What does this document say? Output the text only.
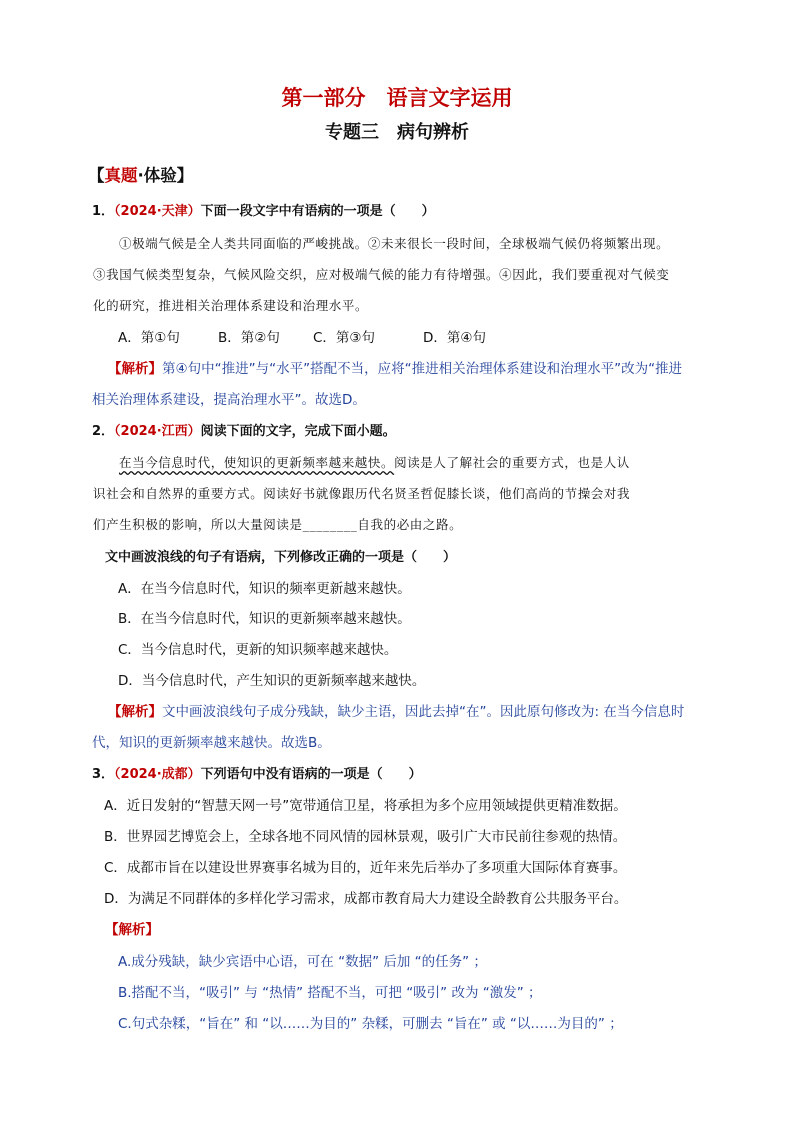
第一部分　语言文字运用
专题三　病句辨析
【真题·体验】
1．（2024·天津）下面一段文字中有语病的一项是（　　）
①极端气候是全人类共同面临的严峻挑战。②未来很长一段时间，全球极端气候仍将频繁出现。
③我国气候类型复杂，气候风险交织，应对极端气候的能力有待增强。④因此，我们要重视对气候变
化的研究，推进相关治理体系建设和治理水平。
A．第①句	B．第②句 C．第③句	D．第④句
【解析】第④句中“推进”与“水平”搭配不当，应将“推进相关治理体系建设和治理水平”改为“推进
相关治理体系建设，提高治理水平”。故选D。
2．（2024·江西）阅读下面的文字，完成下面小题。
在当今信息时代，使知识的更新频率越来越快。阅读是人了解社会的重要方式，也是人认
识社会和自然界的重要方式。阅读好书就像跟历代名贤圣哲促膝长谈，他们高尚的节操会对我
们产生积极的影响，所以大量阅读是________自我的必由之路。
文中画波浪线的句子有语病，下列修改正确的一项是（　　）
A．在当今信息时代，知识的频率更新越来越快。
B．在当今信息时代，知识的更新频率越来越快。
C．当今信息时代，更新的知识频率越来越快。
D．当今信息时代，产生知识的更新频率越来越快。
【解析】文中画波浪线句子成分残缺，缺少主语，因此去掉“在”。因此原句修改为: 在当今信息时
代，知识的更新频率越来越快。故选B。
3．（2024·成都）下列语句中没有语病的一项是（　　）
A．近日发射的“智慧天网一号”宽带通信卫星，将承担为多个应用领域提供更精准数据。
B．世界园艺博览会上，全球各地不同风情的园林景观，吸引广大市民前往参观的热情。
C．成都市旨在以建设世界赛事名城为目的，近年来先后举办了多项重大国际体育赛事。
D．为满足不同群体的多样化学习需求，成都市教育局大力建设全龄教育公共服务平台。
【解析】
A.成分残缺，缺少宾语中心语，可在 “数据” 后加 “的任务” ；
B.搭配不当，“吸引” 与 “热情” 搭配不当，可把 “吸引” 改为 “激发” ；
C.句式杂糅，“旨在” 和 “以……为目的” 杂糅，可删去 “旨在” 或 “以……为目的” ；
